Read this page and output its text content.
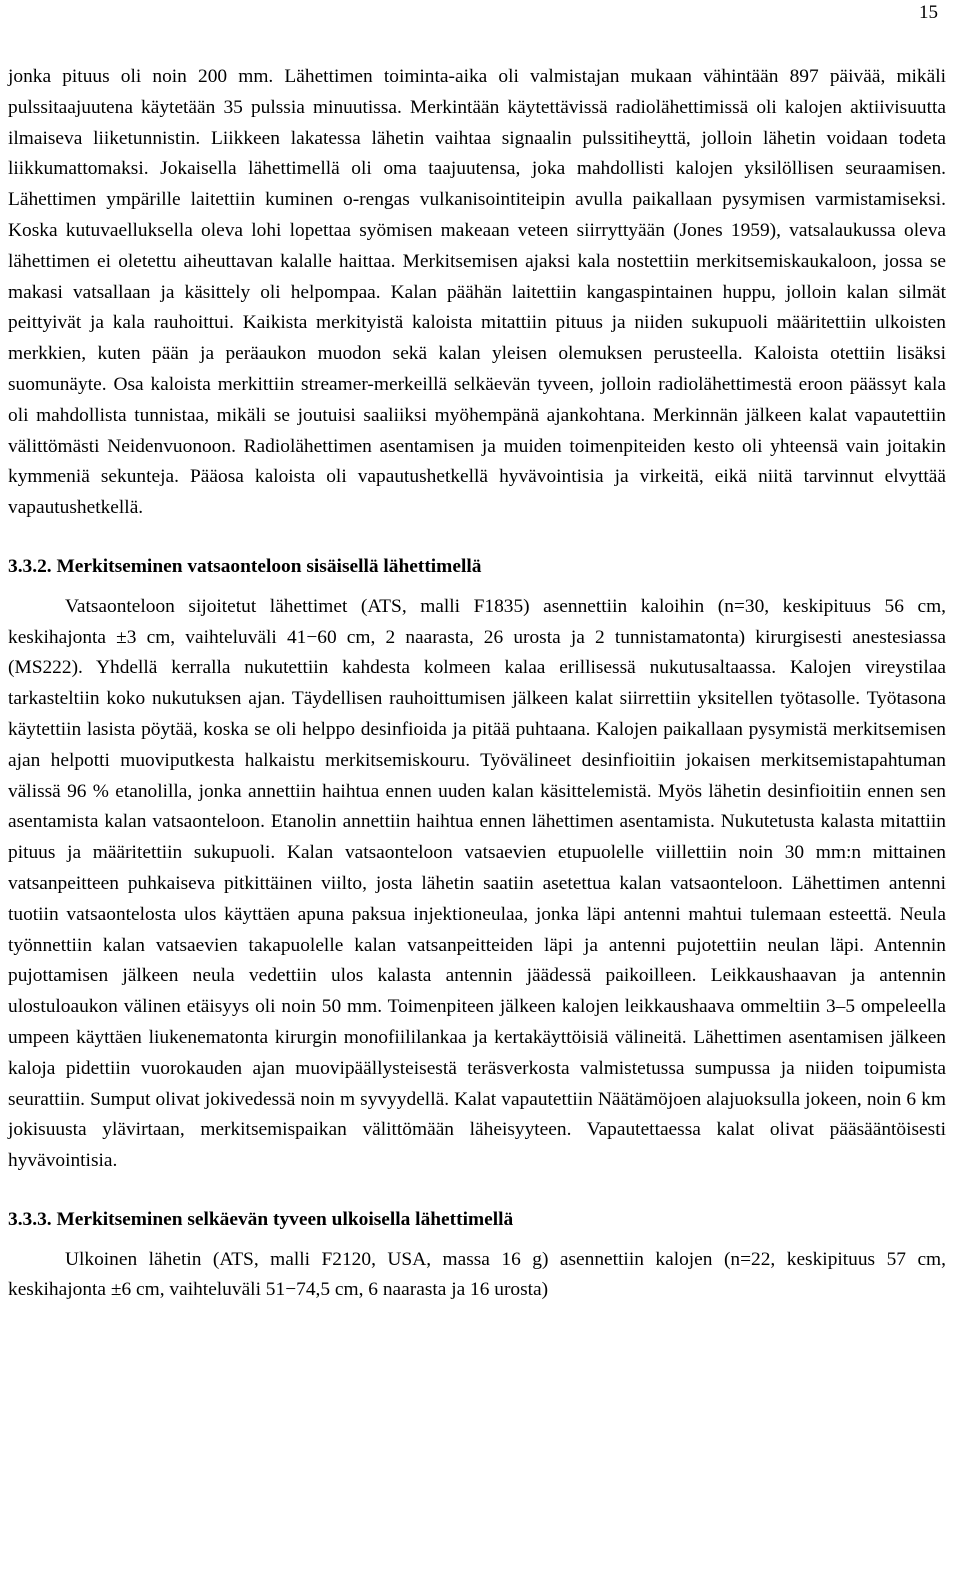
15

jonka pituus oli noin 200 mm. Lähettimen toiminta-aika oli valmistajan mukaan vähintään 897 päivää, mikäli pulssitaajuutena käytetään 35 pulssia minuutissa. Merkintään käytettävissä radiolähettimissä oli kalojen aktiivisuutta ilmaiseva liiketunnistin. Liikkeen lakatessa lähetin vaihtaa signaalin pulssitiheyttä, jolloin lähetin voidaan todeta liikkumattomaksi. Jokaisella lähettimellä oli oma taajuutensa, joka mahdollisti kalojen yksilöllisen seuraamisen. Lähettimen ympärille laitettiin kuminen o-rengas vulkanisointiteipin avulla paikallaan pysymisen varmistamiseksi. Koska kutuvaelluksella oleva lohi lopettaa syömisen makeaan veteen siirryttyään (Jones 1959), vatsalaukussa oleva lähettimen ei oletettu aiheuttavan kalalle haittaa. Merkitsemisen ajaksi kala nostettiin merkitsemiskaukaloon, jossa se makasi vatsallaan ja käsittely oli helpompaa. Kalan päähän laitettiin kangaspintainen huppu, jolloin kalan silmät peittyivät ja kala rauhoittui. Kaikista merkityistä kaloista mitattiin pituus ja niiden sukupuoli määritettiin ulkoisten merkkien, kuten pään ja peräaukon muodon sekä kalan yleisen olemuksen perusteella. Kaloista otettiin lisäksi suomunäyte. Osa kaloista merkittiin streamer-merkeillä selkäevän tyveen, jolloin radiolähettimestä eroon päässyt kala oli mahdollista tunnistaa, mikäli se joutuisi saaliiksi myöhempänä ajankohtana. Merkinnän jälkeen kalat vapautettiin välittömästi Neidenvuonoon. Radiolähettimen asentamisen ja muiden toimenpiteiden kesto oli yhteensä vain joitakin kymmeniä sekunteja. Pääosa kaloista oli vapautushetkellä hyvävointisia ja virkeitä, eikä niitä tarvinnut elvyttää vapautushetkellä.

3.3.2. Merkitseminen vatsaonteloon sisäisellä lähettimellä

Vatsaonteloon sijoitetut lähettimet (ATS, malli F1835) asennettiin kaloihin (n=30, keskipituus 56 cm, keskihajonta ±3 cm, vaihteluväli 41−60 cm, 2 naarasta, 26 urosta ja 2 tunnistamatonta) kirurgisesti anestesiassa (MS222). Yhdellä kerralla nukutettiin kahdesta kolmeen kalaa erillisessä nukutusaltaassa. Kalojen vireystilaa tarkasteltiin koko nukutuksen ajan. Täydellisen rauhoittumisen jälkeen kalat siirrettiin yksitellen työtasolle. Työtasona käytettiin lasista pöytää, koska se oli helppo desinfioida ja pitää puhtaana. Kalojen paikallaan pysymistä merkitsemisen ajan helpotti muoviputkesta halkaistu merkitsemiskouru. Työvälineet desinfioitiin jokaisen merkitsemistapahtuman välissä 96 % etanolilla, jonka annettiin haihtua ennen uuden kalan käsittelemistä. Myös lähetin desinfioitiin ennen sen asentamista kalan vatsaonteloon. Etanolin annettiin haihtua ennen lähettimen asentamista. Nukutetusta kalasta mitattiin pituus ja määritettiin sukupuoli. Kalan vatsaonteloon vatsaevien etupuolelle viillettiin noin 30 mm:n mittainen vatsanpeitteen puhkaiseva pitkittäinen viilto, josta lähetin saatiin asetettua kalan vatsaonteloon. Lähettimen antenni tuotiin vatsaontelosta ulos käyttäen apuna paksua injektioneulaa, jonka läpi antenni mahtui tulemaan esteettä. Neula työnnettiin kalan vatsaevien takapuolelle kalan vatsanpeitteiden läpi ja antenni pujotettiin neulan läpi. Antennin pujottamisen jälkeen neula vedettiin ulos kalasta antennin jäädessä paikoilleen. Leikkaushaavan ja antennin ulostuloaukon välinen etäisyys oli noin 50 mm. Toimenpiteen jälkeen kalojen leikkaushaava ommeltiin 3–5 ompeleella umpeen käyttäen liukenematonta kirurgin monofiililankaa ja kertakäyttöisiä välineitä. Lähettimen asentamisen jälkeen kaloja pidettiin vuorokauden ajan muovipäällysteisestä teräsverkosta valmistetussa sumpussa ja niiden toipumista seurattiin. Sumput olivat jokivedessä noin m syvyydellä. Kalat vapautettiin Näätämöjoen alajuoksulla jokeen, noin 6 km jokisuusta ylävirtaan, merkitsemispaikan välittömään läheisyyteen. Vapautettaessa kalat olivat pääsääntöisesti hyvävointisia.

3.3.3. Merkitseminen selkäevän tyveen ulkoisella lähettimellä

Ulkoinen lähetin (ATS, malli F2120, USA, massa 16 g) asennettiin kalojen (n=22, keskipituus 57 cm, keskihajonta ±6 cm, vaihteluväli 51−74,5 cm, 6 naarasta ja 16 urosta)
